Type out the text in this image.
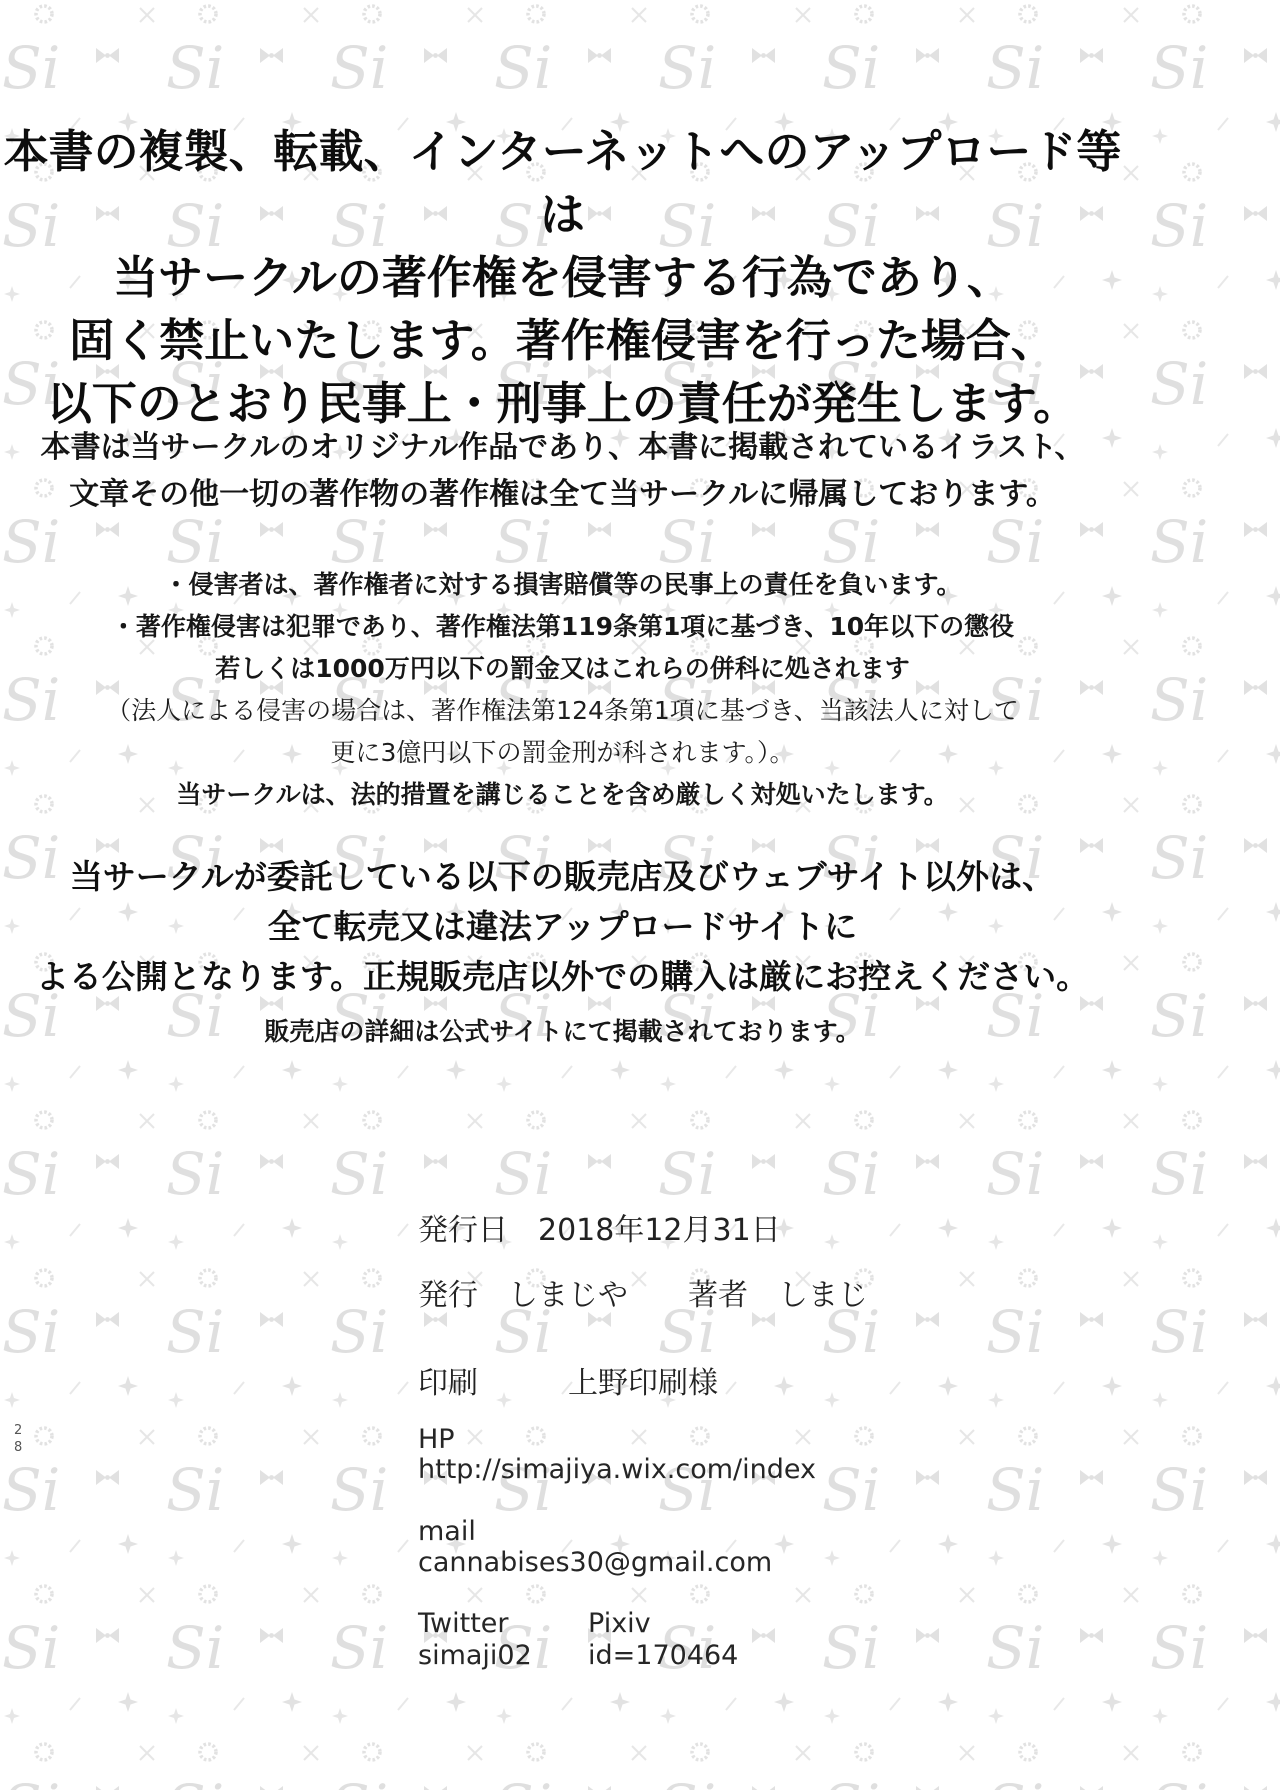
本書の複製、転載、インターネットへのアップロード等は
当サークルの著作権を侵害する行為であり、
固く禁止いたします。著作権侵害を行った場合、
以下のとおり民事上・刑事上の責任が発生します。
本書は当サークルのオリジナル作品であり、本書に掲載されているイラスト、
文章その他一切の著作物の著作権は全て当サークルに帰属しております。
・侵害者は、著作権者に対する損害賠償等の民事上の責任を負います。
・著作権侵害は犯罪であり、著作権法第119条第1項に基づき、10年以下の懲役
若しくは1000万円以下の罰金又はこれらの併科に処されます
（法人による侵害の場合は、著作権法第124条第1項に基づき、当該法人に対して
更に3億円以下の罰金刑が科されます。）。
当サークルは、法的措置を講じることを含め厳しく対処いたします。
当サークルが委託している以下の販売店及びウェブサイト以外は、
全て転売又は違法アップロードサイトに
よる公開となります。正規販売店以外での購入は厳にお控えください。
販売店の詳細は公式サイトにて掲載されております。
発行日　2018年12月31日
発行　しまじや　　著者　しまじ
印刷　　　上野印刷様
HP
http://simajiya.wix.com/index
mail
cannabises30@gmail.com
Twitter
simaji02
Pixiv
id=170464
28
